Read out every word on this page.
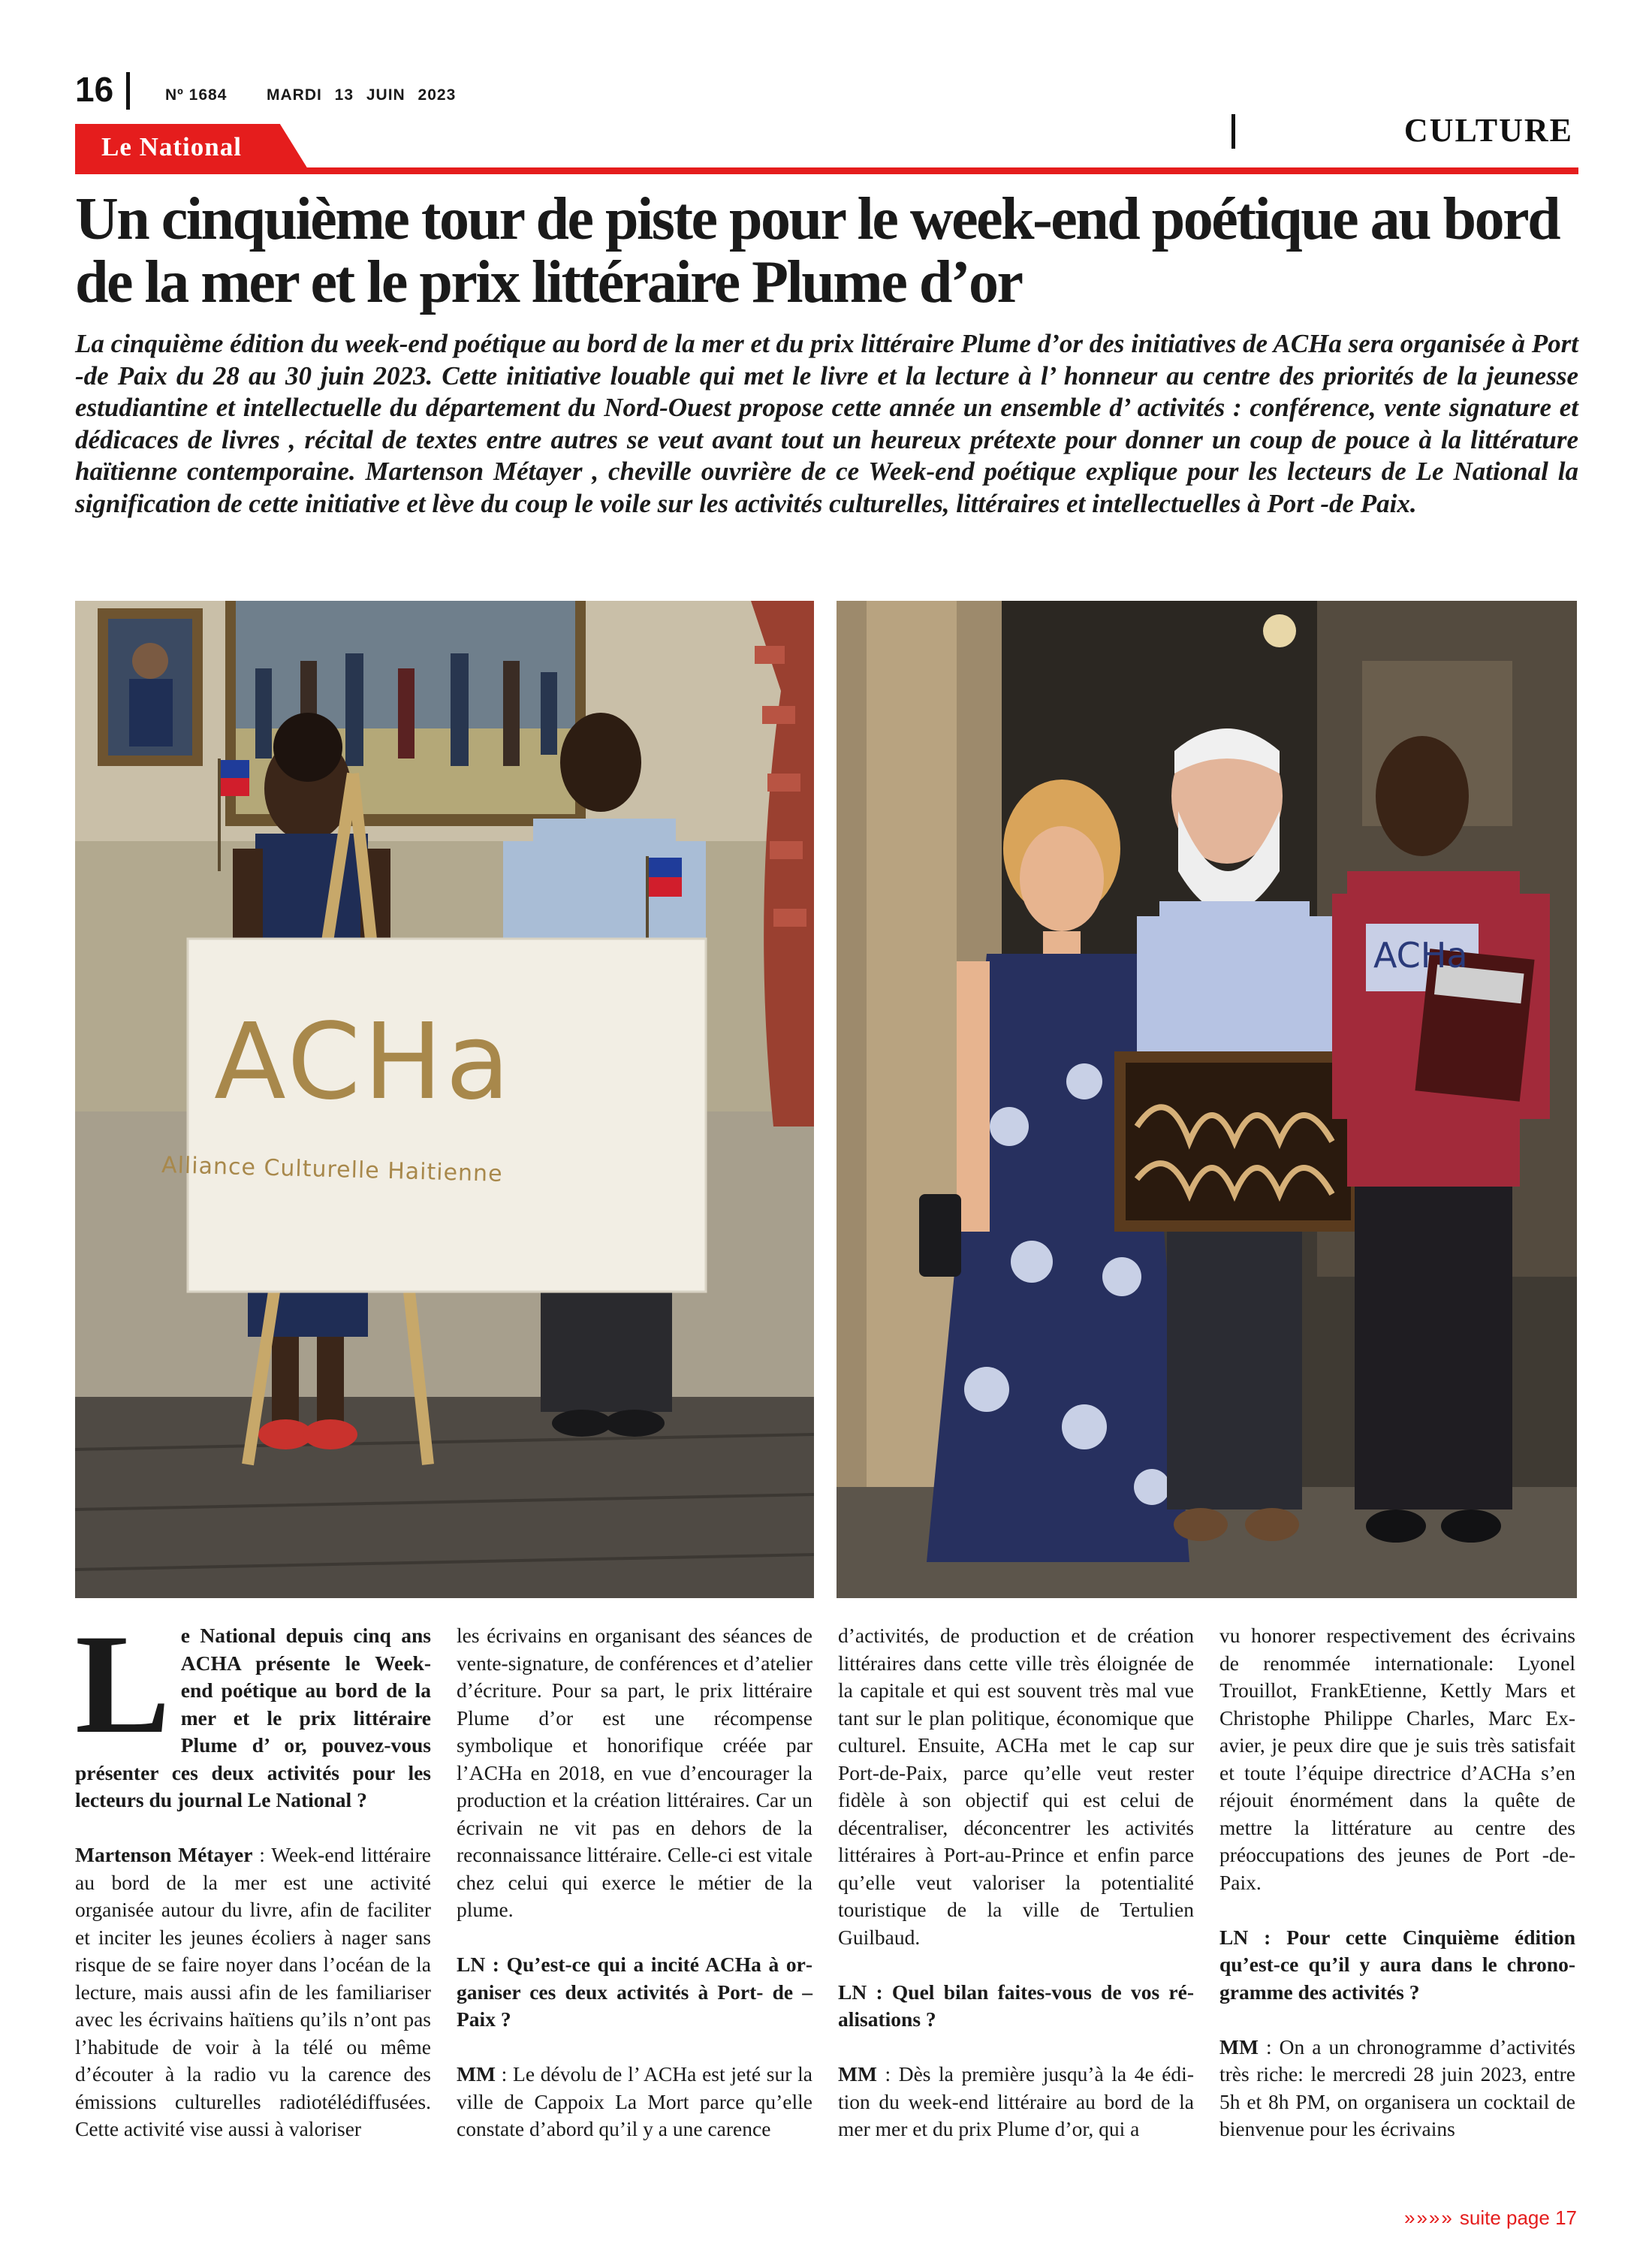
16	Nº 1684	MARDI 13 JUIN 2023
CULTURE
Le National
Un cinquième tour de piste pour le week-end poétique au bord de la mer et le prix littéraire Plume d’or

La cinquième édition du week-end poétique au bord de la mer et du prix littéraire Plume d’or des initiatives de ACHa sera organisée à Port -de Paix du 28 au 30 juin 2023. Cette initiative louable qui met le livre et la lecture à l’ honneur au centre des priorités de la jeunesse estudiantine et intellectuelle du département du Nord-Ouest propose cette année un ensemble d’ activités : conférence, vente signature et dédicaces de livres , récital de textes entre autres se veut avant tout un heureux prétexte pour donner un coup de pouce à la littérature haïtienne contemporaine. Martenson Métayer , cheville ouvrière de ce Week-end poétique explique pour les lecteurs de Le National la signification de cette initiative et lève du coup le voile sur les activités culturelles, littéraires et intellectuelles à Port -de Paix.

ACHa
Alliance Culturelle Haitienne
ACHa

Le National depuis cinq ans ACHA présente le Week-end poétique au bord de la mer et le prix littéraire Plume d’ or, pouvez-vous présenter ces deux activités pour les lecteurs du journal Le National ?

Martenson Métayer : Week-end littéraire au bord de la mer est une activité organisée autour du livre, afin de faciliter et inciter les jeunes écoliers à nager sans risque de se faire noyer dans l’océan de la lecture, mais aussi afin de les familiariser avec les écrivains haïtiens qu’ils n’ont pas l’habitude de voir à la télé ou même d’écouter à la radio vu la carence des émissions culturelles radiotélédiffusées. Cette activité vise aussi à valoriser

les écrivains en organisant des séances de vente-signature, de conférences et d’atelier d’écriture. Pour sa part, le prix littéraire Plume d’or est une récompense symbolique et honorifique créée par l’ACHa en 2018, en vue d’encourager la production et la création littéraires. Car un écrivain ne vit pas en dehors de la reconnaissance littéraire. Celle-ci est vitale chez celui qui exerce le métier de la plume.

LN : Qu’est-ce qui a incité ACHa à organiser ces deux activités à Port- de – Paix ?

MM : Le dévolu de l’ ACHa est jeté sur la ville de Cappoix La Mort parce qu’elle constate d’abord qu’il y a une carence

d’activités, de production et de création littéraires dans cette ville très éloignée de la capitale et qui est souvent très mal vue tant sur le plan politique, économique que culturel. Ensuite, ACHa met le cap sur Port-de-Paix, parce qu’elle veut rester fidèle à son objectif qui est celui de décentraliser, déconcentrer les activités littéraires à Port-au-Prince et enfin parce qu’elle veut valoriser la potentialité touristique de la ville de Tertulien Guilbaud.

LN : Quel bilan faites-vous de vos réalisations ?

MM : Dès la première jusqu’à la 4e édition du week-end littéraire au bord de la mer mer et du prix Plume d’or, qui a

vu honorer respectivement des écrivains de renommée internationale: Lyonel Trouillot, FrankEtienne, Kettly Mars et Christophe Philippe Charles, Marc Exavier, je peux dire que je suis très satisfait et toute l’équipe directrice d’ACHa s’en réjouit énormément dans la quête de mettre la littérature au centre des préoccupations des jeunes de Port -de-Paix.

LN : Pour cette Cinquième édition qu’est-ce qu’il y aura dans le chronogramme des activités ?

MM : On a un chronogramme d’activités très riche: le mercredi 28 juin 2023, entre 5h et 8h PM, on organisera un cocktail de bienvenue pour les écrivains

»»»» suite page 17
